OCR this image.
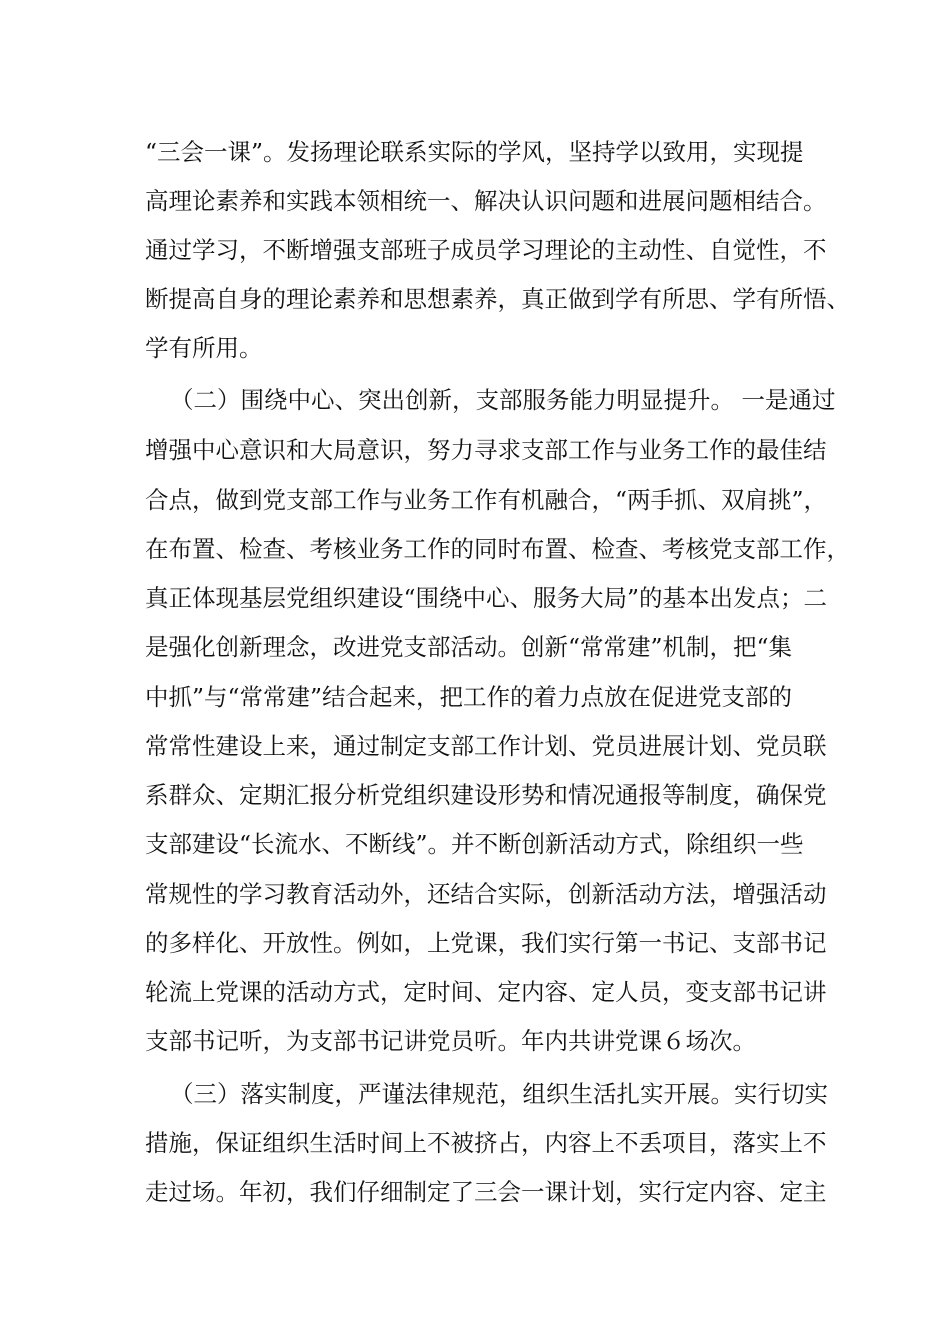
“三会一课”。发扬理论联系实际的学风，坚持学以致用，实现提
高理论素养和实践本领相统一、解决认识问题和进展问题相结合。
通过学习，不断增强支部班子成员学习理论的主动性、自觉性，不
断提高自身的理论素养和思想素养，真正做到学有所思、学有所悟、
学有所用。
（二）围绕中心、突出创新，支部服务能力明显提升。 一是通过
增强中心意识和大局意识，努力寻求支部工作与业务工作的最佳结
合点，做到党支部工作与业务工作有机融合，“两手抓、双肩挑”，
在布置、检查、考核业务工作的同时布置、检查、考核党支部工作，
真正体现基层党组织建设“围绕中心、服务大局”的基本出发点；二
是强化创新理念，改进党支部活动。创新“常常建”机制，把“集
中抓”与“常常建”结合起来，把工作的着力点放在促进党支部的
常常性建设上来，通过制定支部工作计划、党员进展计划、党员联
系群众、定期汇报分析党组织建设形势和情况通报等制度，确保党
支部建设“长流水、不断线”。并不断创新活动方式，除组织一些
常规性的学习教育活动外，还结合实际，创新活动方法，增强活动
的多样化、开放性。例如，上党课，我们实行第一书记、支部书记
轮流上党课的活动方式，定时间、定内容、定人员，变支部书记讲
支部书记听，为支部书记讲党员听。年内共讲党课６场次。
（三）落实制度，严谨法律规范，组织生活扎实开展。实行切实
措施，保证组织生活时间上不被挤占，内容上不丢项目，落实上不
走过场。年初，我们仔细制定了三会一课计划，实行定内容、定主
